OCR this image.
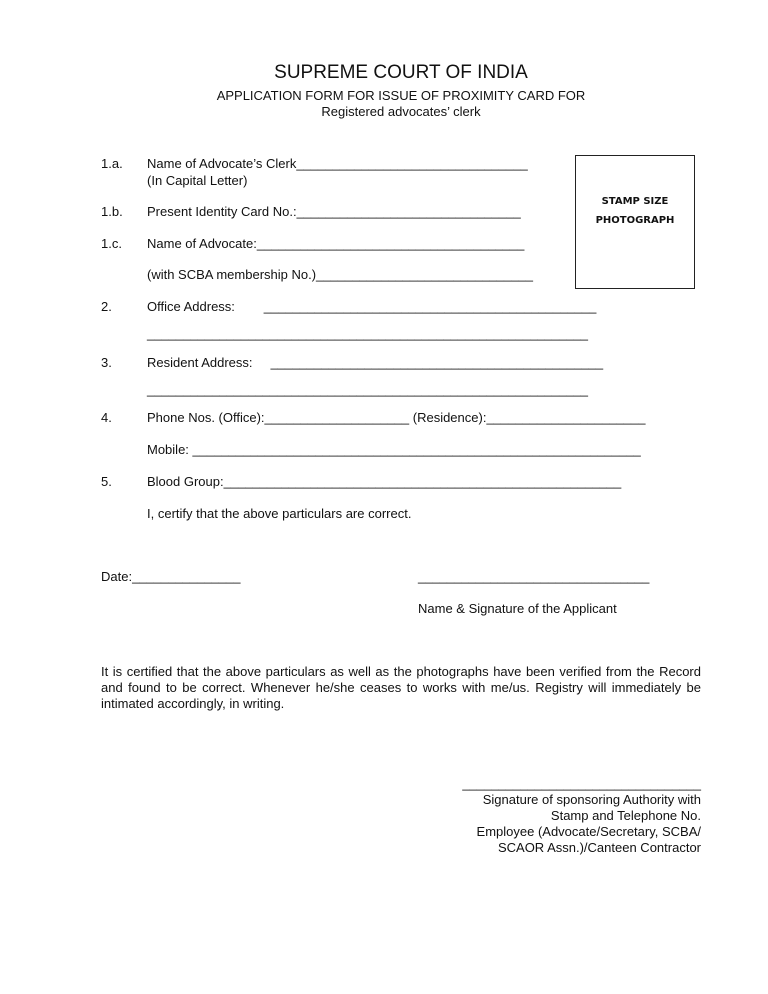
SUPREME COURT OF INDIA
APPLICATION FORM FOR ISSUE OF PROXIMITY CARD FOR
Registered advocates’ clerk
1.a. Name of Advocate’s Clerk________________________________
(In Capital Letter)
1.b. Present Identity Card No.:_______________________________
1.c. Name of Advocate:_____________________________________
(with SCBA membership No.)______________________________
2.	Office Address:        ______________________________________________
_____________________________________________________________
3.	Resident Address:     ______________________________________________
_____________________________________________________________
4.	Phone Nos. (Office):____________________ (Residence):______________________
Mobile: ______________________________________________________________
5.	Blood Group:_______________________________________________________
I, certify that the above particulars are correct.
STAMP SIZE
PHOTOGRAPH
Date:_______________	________________________________
Name & Signature of the Applicant
It is certified that the above particulars as well as the photographs have been verified from the Record and found to be correct. Whenever he/she ceases to works with me/us. Registry will immediately be intimated accordingly, in writing.
_________________________________
Signature of sponsoring Authority with
Stamp and Telephone No.
Employee (Advocate/Secretary, SCBA/
SCAOR Assn.)/Canteen Contractor
